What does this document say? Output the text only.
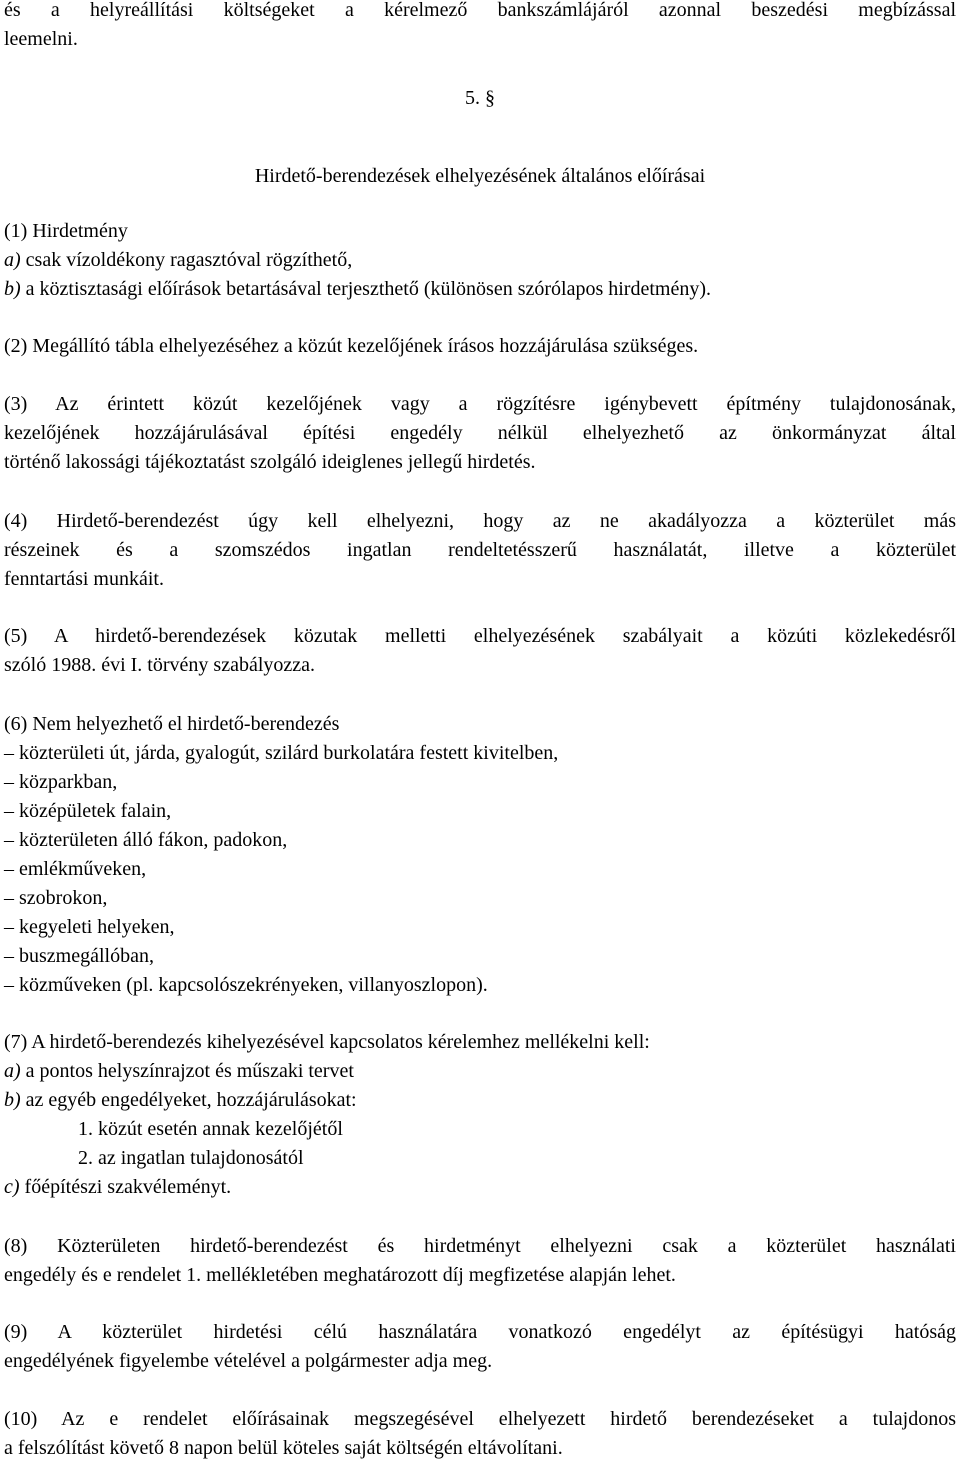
és a helyreállítási költségeket a kérelmező bankszámlájáról azonnal beszedési megbízással
leemelni.
5. §
Hirdető-berendezések elhelyezésének általános előírásai
(1) Hirdetmény
a) csak vízoldékony ragasztóval rögzíthető,
b) a köztisztasági előírások betartásával terjeszthető (különösen szórólapos hirdetmény).
(2) Megállító tábla elhelyezéséhez a közút kezelőjének írásos hozzájárulása szükséges.
(3) Az érintett közút kezelőjének vagy a rögzítésre igénybevett építmény tulajdonosának,
kezelőjének hozzájárulásával építési engedély nélkül elhelyezhető az önkormányzat által
történő lakossági tájékoztatást szolgáló ideiglenes jellegű hirdetés.
(4) Hirdető-berendezést úgy kell elhelyezni, hogy az ne akadályozza a közterület más
részeinek és a szomszédos ingatlan rendeltetésszerű használatát, illetve a közterület
fenntartási munkáit.
(5) A hirdető-berendezések közutak melletti elhelyezésének szabályait a közúti közlekedésről
szóló 1988. évi I. törvény szabályozza.
(6) Nem helyezhető el hirdető-berendezés
– közterületi út, járda, gyalogút, szilárd burkolatára festett kivitelben,
– közparkban,
– középületek falain,
– közterületen álló fákon, padokon,
– emlékműveken,
– szobrokon,
– kegyeleti helyeken,
– buszmegállóban,
– közműveken (pl. kapcsolószekrényeken, villanyoszlopon).
(7) A hirdető-berendezés kihelyezésével kapcsolatos kérelemhez mellékelni kell:
a) a pontos helyszínrajzot és műszaki tervet
b) az egyéb engedélyeket, hozzájárulásokat:
1. közút esetén annak kezelőjétől
2. az ingatlan tulajdonosától
c) főépítészi szakvéleményt.
(8) Közterületen hirdető-berendezést és hirdetményt elhelyezni csak a közterület használati
engedély és e rendelet 1. mellékletében meghatározott díj megfizetése alapján lehet.
(9) A közterület hirdetési célú használatára vonatkozó engedélyt az építésügyi hatóság
engedélyének figyelembe vételével a polgármester adja meg.
(10) Az e rendelet előírásainak megszegésével elhelyezett hirdető berendezéseket a tulajdonos
a felszólítást követő 8 napon belül köteles saját költségén eltávolítani.
